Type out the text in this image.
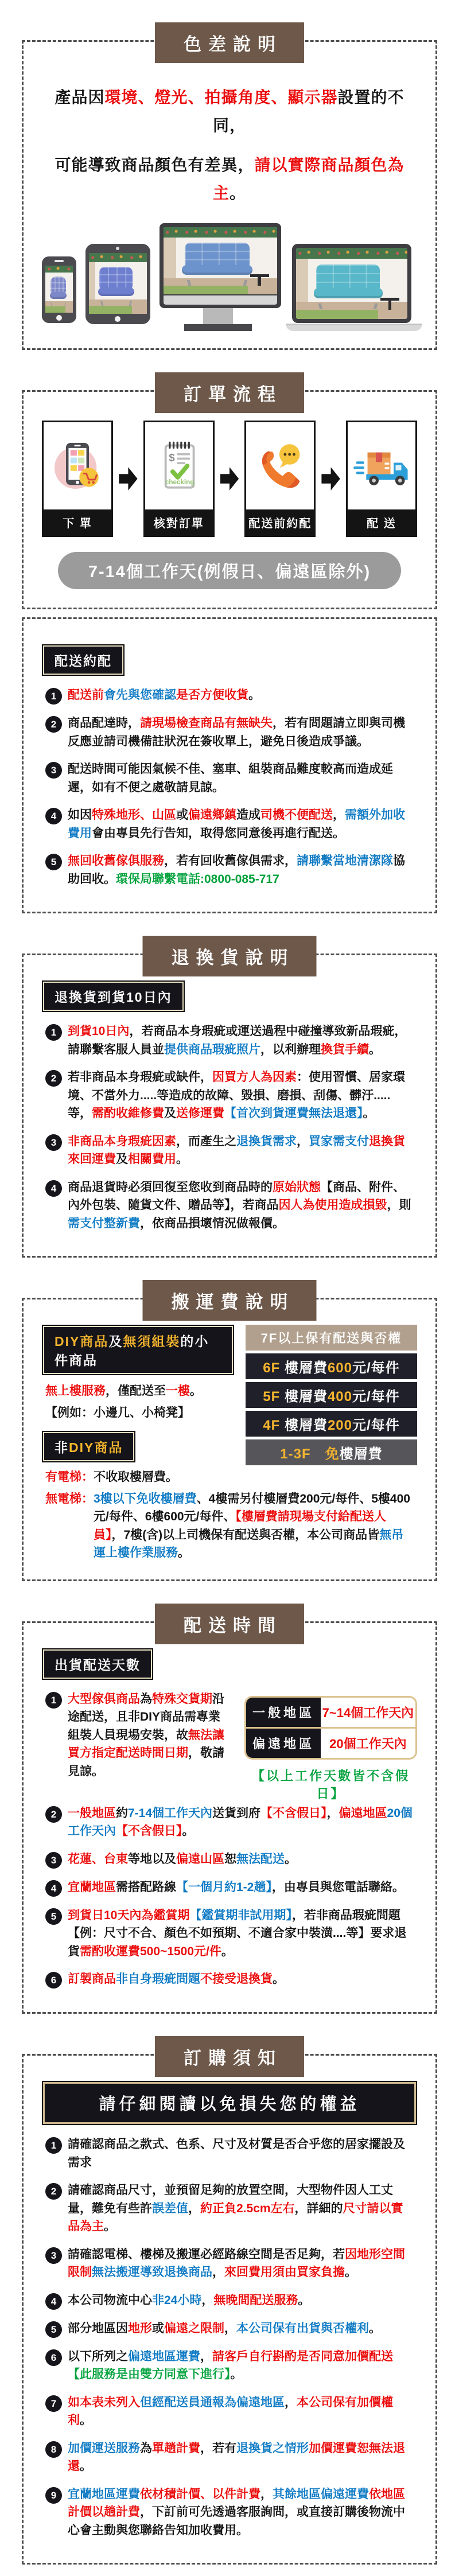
色差說明

產品因環境、燈光、拍攝角度、顯示器設置的不同，

可能導致商品顏色有差異，請以實際商品顏色為主。

訂單流程
下 單
$
checking
核對訂單	配送前約配	配 送
7-14個工作天(例假日、偏遠區除外)
配送約配
1 配送前會先與您確認是否方便收貨。
2 商品配達時，請現場檢查商品有無缺失，若有問題請立即與司機反應並請司機備註狀況在簽收單上，避免日後造成爭議。
3 配送時間可能因氣候不佳、塞車、組裝商品難度較高而造成延遲，如有不便之處敬請見諒。
4 如因特殊地形、山區或偏遠鄉鎮造成司機不便配送，需額外加收費用會由專員先行告知，取得您同意後再進行配送。
5 無回收舊傢俱服務，若有回收舊傢俱需求，請聯繫當地清潔隊協助回收。環保局聯繫電話:0800-085-717
退換貨說明
退換貨到貨10日內
1 到貨10日內，若商品本身瑕疵或運送過程中碰撞導致新品瑕疵，請聯繫客服人員並提供商品瑕疵照片，以利辦理換貨手續。
2 若非商品本身瑕疵或缺件，因買方人為因素：使用習慣、居家環境、不當外力.....等造成的故障、毀損、磨損、刮傷、髒汙.....等，需酌收維修費及送修運費【首次到貨運費無法退還】。
3 非商品本身瑕疵因素，而產生之退換貨需求，買家需支付退換貨來回運費及相關費用。
4 商品退貨時必須回復至您收到商品時的原始狀態【商品、附件、內外包裝、隨貨文件、贈品等】，若商品因人為使用造成損毀，則需支付整新費，依商品損壞情況做報價。
搬運費說明
DIY商品及無須組裝的小件商品

無上樓服務，僅配送至一樓。

【例如：小邊几、小椅凳】

非DIY商品
7F以上保有配送與否權
6F 樓層費600元/每件
5F 樓層費400元/每件
4F 樓層費200元/每件
1-3F　 免樓層費
有電梯： 不收取樓層費。
無電梯： 3樓以下免收樓層費、4樓需另付樓層費200元/每件、5樓400元/每件、6樓600元/每件、【樓層費請現場支付給配送人員】，7樓(含)以上司機保有配送與否權，本公司商品皆無吊運上樓作業服務。
配送時間
出貨配送天數
1 大型傢俱商品為特殊交貨期沿途配送，且非DIY商品需專業組裝人員現場安裝，故無法讓買方指定配送時間日期，敬請見諒。
一般地區 7~14個工作天內
偏遠地區	20個工作天內
【以上工作天數皆不含假日】
2 一般地區約7-14個工作天內送貨到府【不含假日】，偏遠地區20個工作天內【不含假日】。
3 花蓮、台東等地以及偏遠山區恕無法配送。
4 宜蘭地區需搭配路線【一個月約1-2趟】，由專員與您電話聯絡。
5 到貨日10天內為鑑賞期【鑑賞期非試用期】，若非商品瑕疵問題【例：尺寸不合、顏色不如預期、不適合家中裝潢....等】要求退貨需酌收運費500~1500元/件。
6 訂製商品非自身瑕疵問題不接受退換貨。
訂購須知
請仔細閱讀以免損失您的權益
1 請確認商品之款式、色系、尺寸及材質是否合乎您的居家擺設及需求
2 請確認商品尺寸，並預留足夠的放置空間，大型物件因人工丈量，難免有些許誤差值，約正負2.5cm左右，詳細的尺寸請以實品為主。
3 請確認電梯、樓梯及搬運必經路線空間是否足夠，若因地形空間限制無法搬運導致退換商品，來回費用須由買家負擔。
4 本公司物流中心非24小時，無晚間配送服務。
5 部分地區因地形或偏遠之限制，本公司保有出貨與否權利。
6 以下所列之偏遠地區運費，請客戶自行斟酌是否同意加價配送【此服務是由雙方同意下進行】。
7 如本表未列入但經配送員通報為偏遠地區，本公司保有加價權利。
8 加價運送服務為單趟計費，若有退換貨之情形加價運費恕無法退還。
9 宜蘭地區運費依材積計價、以件計費，其餘地區偏遠運費依地區計價以趟計費，下訂前可先透過客服詢問，或直接訂購後物流中心會主動與您聯絡告知加收費用。
